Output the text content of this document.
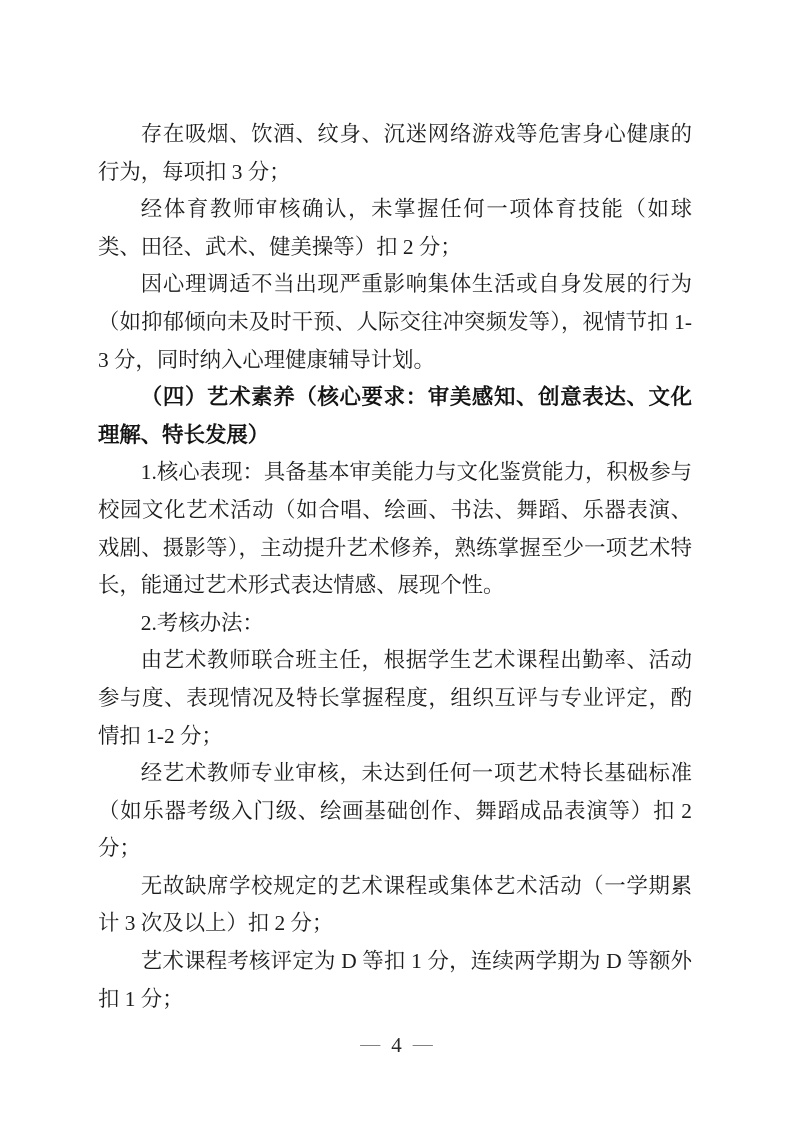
存在吸烟、饮酒、纹身、沉迷网络游戏等危害身心健康的行为，每项扣 3 分；

经体育教师审核确认，未掌握任何一项体育技能（如球类、田径、武术、健美操等）扣 2 分；

因心理调适不当出现严重影响集体生活或自身发展的行为（如抑郁倾向未及时干预、人际交往冲突频发等），视情节扣 1-3 分，同时纳入心理健康辅导计划。

（四）艺术素养（核心要求：审美感知、创意表达、文化理解、特长发展）

1.核心表现：具备基本审美能力与文化鉴赏能力，积极参与校园文化艺术活动（如合唱、绘画、书法、舞蹈、乐器表演、戏剧、摄影等），主动提升艺术修养，熟练掌握至少一项艺术特长，能通过艺术形式表达情感、展现个性。

2.考核办法：

由艺术教师联合班主任，根据学生艺术课程出勤率、活动参与度、表现情况及特长掌握程度，组织互评与专业评定，酌情扣 1-2 分；

经艺术教师专业审核，未达到任何一项艺术特长基础标准（如乐器考级入门级、绘画基础创作、舞蹈成品表演等）扣 2 分；

无故缺席学校规定的艺术课程或集体艺术活动（一学期累计 3 次及以上）扣 2 分；

艺术课程考核评定为 D 等扣 1 分，连续两学期为 D 等额外扣 1 分；

— 4 —
